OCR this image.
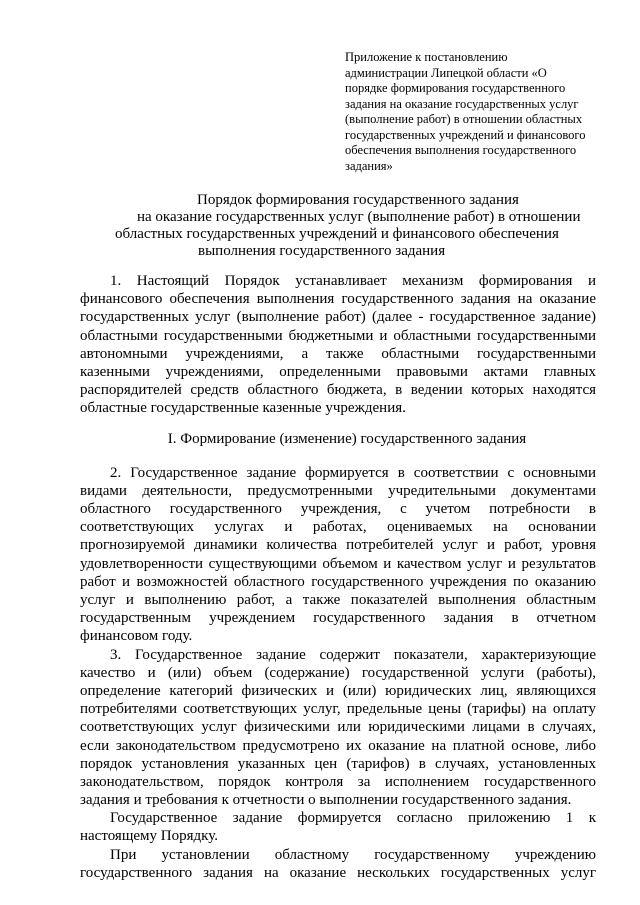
Приложение к постановлению
администрации Липецкой области «О
порядке формирования государственного
задания на оказание государственных услуг
(выполнение работ) в отношении областных
государственных учреждений и финансового
обеспечения выполнения государственного
задания»
Порядок формирования государственного задания
на оказание государственных услуг (выполнение работ) в отношении
областных государственных учреждений и финансового обеспечения
выполнения государственного задания
1. Настоящий Порядок устанавливает механизм формирования и
финансового обеспечения выполнения государственного задания на оказание
государственных услуг (выполнение работ) (далее - государственное задание)
областными государственными бюджетными и областными государственными
автономными учреждениями, а также областными государственными
казенными учреждениями, определенными правовыми актами главных
распорядителей средств областного бюджета, в ведении которых находятся
областные государственные казенные учреждения.
I. Формирование (изменение) государственного задания
2. Государственное задание формируется в соответствии с основными
видами деятельности, предусмотренными учредительными документами
областного государственного учреждения, с учетом потребности в
соответствующих услугах и работах, оцениваемых на основании
прогнозируемой динамики количества потребителей услуг и работ, уровня
удовлетворенности существующими объемом и качеством услуг и результатов
работ и возможностей областного государственного учреждения по оказанию
услуг и выполнению работ, а также показателей выполнения областным
государственным учреждением государственного задания в отчетном
финансовом году.
3. Государственное задание содержит показатели, характеризующие
качество и (или) объем (содержание) государственной услуги (работы),
определение категорий физических и (или) юридических лиц, являющихся
потребителями соответствующих услуг, предельные цены (тарифы) на оплату
соответствующих услуг физическими или юридическими лицами в случаях,
если законодательством предусмотрено их оказание на платной основе, либо
порядок установления указанных цен (тарифов) в случаях, установленных
законодательством, порядок контроля за исполнением государственного
задания и требования к отчетности о выполнении государственного задания.
Государственное задание формируется согласно приложению 1 к
настоящему Порядку.
При установлении областному государственному учреждению
государственного задания на оказание нескольких государственных услуг
